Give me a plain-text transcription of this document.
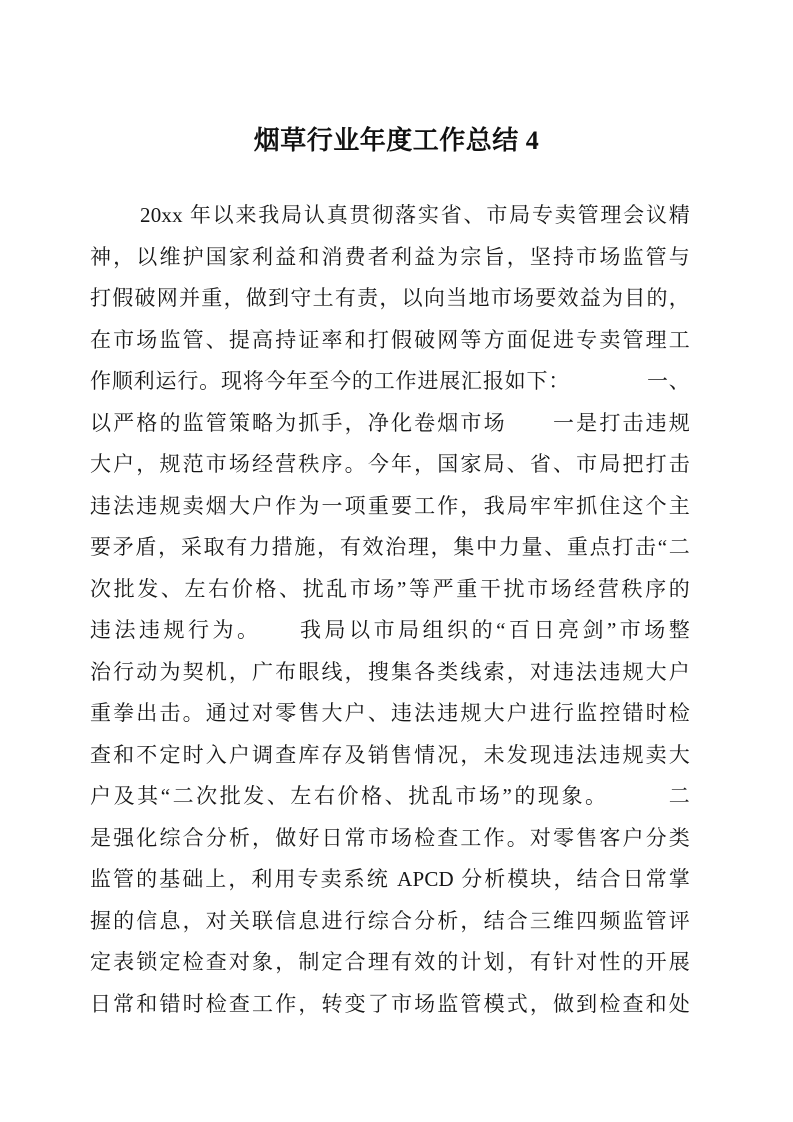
烟草行业年度工作总结 4
20xx 年以来我局认真贯彻落实省、市局专卖管理会议精
神，以维护国家利益和消费者利益为宗旨，坚持市场监管与
打假破网并重，做到守土有责，以向当地市场要效益为目的，
在市场监管、提高持证率和打假破网等方面促进专卖管理工
作顺利运行。现将今年至今的工作进展汇报如下：　　　　一、
以严格的监管策略为抓手，净化卷烟市场　　一是打击违规
大户，规范市场经营秩序。今年，国家局、省、市局把打击
违法违规卖烟大户作为一项重要工作，我局牢牢抓住这个主
要矛盾，采取有力措施，有效治理，集中力量、重点打击“二
次批发、左右价格、扰乱市场”等严重干扰市场经营秩序的
违法违规行为。　　我局以市局组织的“百日亮剑”市场整
治行动为契机，广布眼线，搜集各类线索，对违法违规大户
重拳出击。通过对零售大户、违法违规大户进行监控错时检
查和不定时入户调查库存及销售情况，未发现违法违规卖大
户及其“二次批发、左右价格、扰乱市场”的现象。　　　二
是强化综合分析，做好日常市场检查工作。对零售客户分类
监管的基础上，利用专卖系统 APCD 分析模块，结合日常掌
握的信息，对关联信息进行综合分析，结合三维四频监管评
定表锁定检查对象，制定合理有效的计划，有针对性的开展
日常和错时检查工作，转变了市场监管模式，做到检查和处
